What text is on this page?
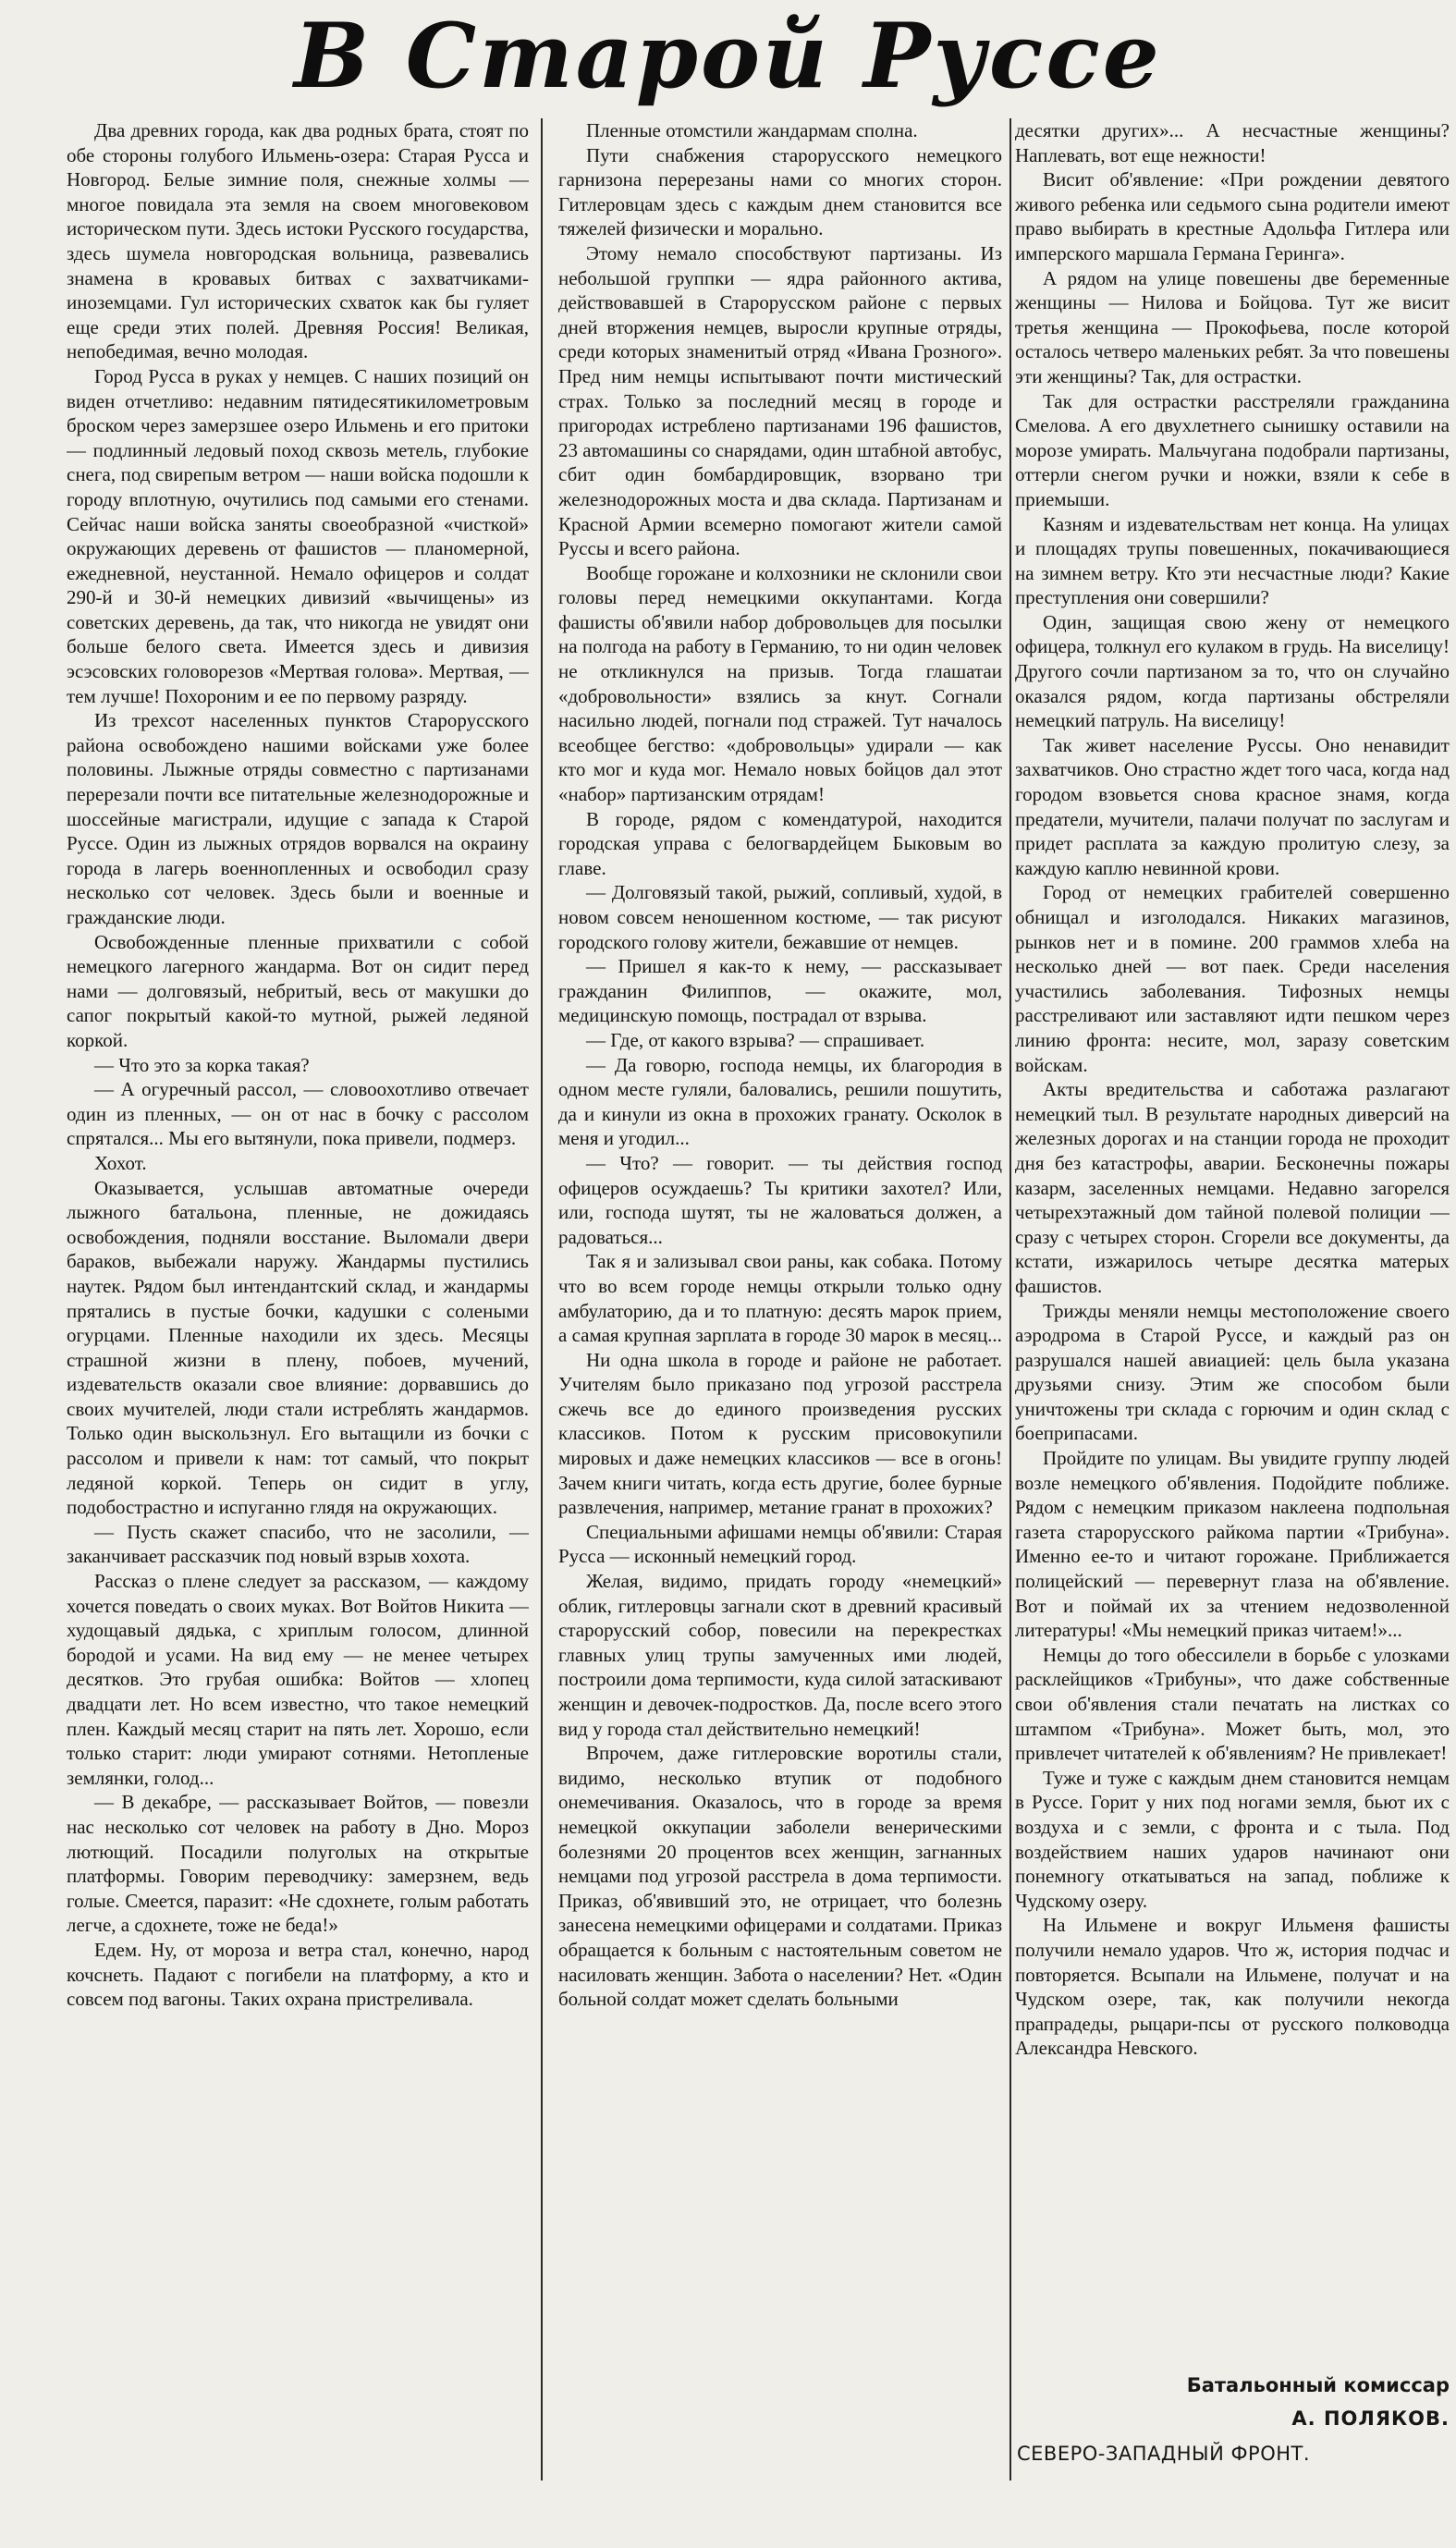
В Старой Руссе

Два древних города, как два родных брата, стоят по обе стороны голубого Ильмень-озера: Старая Русса и Новгород. Белые зимние поля, снежные холмы — многое повидала эта земля на своем многовековом историческом пути. Здесь истоки Русского государства, здесь шумела новгородская вольница, развевались знамена в кровавых битвах с захватчиками-иноземцами. Гул исторических схваток как бы гуляет еще среди этих полей. Древняя Россия! Великая, непобедимая, вечно молодая.

Город Русса в руках у немцев. С наших позиций он виден отчетливо: недавним пятидесятикилометровым броском через замерзшее озеро Ильмень и его притоки — подлинный ледовый поход сквозь метель, глубокие снега, под свирепым ветром — наши войска подошли к городу вплотную, очутились под самыми его стенами. Сейчас наши войска заняты своеобразной «чисткой» окружающих деревень от фашистов — планомерной, ежедневной, неустанной. Немало офицеров и солдат 290-й и 30-й немецких дивизий «вычищены» из советских деревень, да так, что никогда не увидят они больше белого света. Имеется здесь и дивизия эсэсовских головорезов «Мертвая голова». Мертвая, — тем лучше! Похороним и ее по первому разряду.

Из трехсот населенных пунктов Старорусского района освобождено нашими войсками уже более половины. Лыжные отряды совместно с партизанами перерезали почти все питательные железнодорожные и шоссейные магистрали, идущие с запада к Старой Руссе. Один из лыжных отрядов ворвался на окраину города в лагерь военнопленных и освободил сразу несколько сот человек. Здесь были и военные и гражданские люди.

Освобожденные пленные прихватили с собой немецкого лагерного жандарма. Вот он сидит перед нами — долговязый, небритый, весь от макушки до сапог покрытый какой-то мутной, рыжей ледяной коркой.

— Что это за корка такая?

— А огуречный рассол, — словоохотливо отвечает один из пленных, — он от нас в бочку с рассолом спрятался... Мы его вытянули, пока привели, подмерз.

Хохот.

Оказывается, услышав автоматные очереди лыжного батальона, пленные, не дожидаясь освобождения, подняли восстание. Выломали двери бараков, выбежали наружу. Жандармы пустились наутек. Рядом был интендантский склад, и жандармы прятались в пустые бочки, кадушки с солеными огурцами. Пленные находили их здесь. Месяцы страшной жизни в плену, побоев, мучений, издевательств оказали свое влияние: дорвавшись до своих мучителей, люди стали истреблять жандармов. Только один выскользнул. Его вытащили из бочки с рассолом и привели к нам: тот самый, что покрыт ледяной коркой. Теперь он сидит в углу, подобострастно и испуганно глядя на окружающих.

— Пусть скажет спасибо, что не засолили, — заканчивает рассказчик под новый взрыв хохота.

Рассказ о плене следует за рассказом, — каждому хочется поведать о своих муках. Вот Войтов Никита — худощавый дядька, с хриплым голосом, длинной бородой и усами. На вид ему — не менее четырех десятков. Это грубая ошибка: Войтов — хлопец двадцати лет. Но всем известно, что такое немецкий плен. Каждый месяц старит на пять лет. Хорошо, если только старит: люди умирают сотнями. Нетопленые землянки, голод...

— В декабре, — рассказывает Войтов, — повезли нас несколько сот человек на работу в Дно. Мороз лютющий. Посадили полуголых на открытые платформы. Говорим переводчику: замерзнем, ведь голые. Смеется, паразит: «Не сдохнете, голым работать легче, а сдохнете, тоже не беда!»

Едем. Ну, от мороза и ветра стал, конечно, народ кочснеть. Падают с погибели на платформу, а кто и совсем под вагоны. Таких охрана пристреливала.

Пленные отомстили жандармам сполна.

Пути снабжения старорусского немецкого гарнизона перерезаны нами со многих сторон. Гитлеровцам здесь с каждым днем становится все тяжелей физически и морально.

Этому немало способствуют партизаны. Из небольшой группки — ядра районного актива, действовавшей в Старорусском районе с первых дней вторжения немцев, выросли крупные отряды, среди которых знаменитый отряд «Ивана Грозного». Пред ним немцы испытывают почти мистический страх. Только за последний месяц в городе и пригородах истреблено партизанами 196 фашистов, 23 автомашины со снарядами, один штабной автобус, сбит один бомбардировщик, взорвано три железнодорожных моста и два склада. Партизанам и Красной Армии всемерно помогают жители самой Руссы и всего района.

Вообще горожане и колхозники не склонили свои головы перед немецкими оккупантами. Когда фашисты об'явили набор добровольцев для посылки на полгода на работу в Германию, то ни один человек не откликнулся на призыв. Тогда глашатаи «добровольности» взялись за кнут. Согнали насильно людей, погнали под стражей. Тут началось всеобщее бегство: «добровольцы» удирали — как кто мог и куда мог. Немало новых бойцов дал этот «набор» партизанским отрядам!

В городе, рядом с комендатурой, находится городская управа с белогвардейцем Быковым во главе.

— Долговязый такой, рыжий, сопливый, худой, в новом совсем неношенном костюме, — так рисуют городского голову жители, бежавшие от немцев.

— Пришел я как-то к нему, — рассказывает гражданин Филиппов, — окажите, мол, медицинскую помощь, пострадал от взрыва.

— Где, от какого взрыва? — спрашивает.

— Да говорю, господа немцы, их благородия в одном месте гуляли, баловались, решили пошутить, да и кинули из окна в прохожих гранату. Осколок в меня и угодил...

— Что? — говорит. — ты действия господ офицеров осуждаешь? Ты критики захотел? Или, или, господа шутят, ты не жаловаться должен, а радоваться...

Так я и зализывал свои раны, как собака. Потому что во всем городе немцы открыли только одну амбулаторию, да и то платную: десять марок прием, а самая крупная зарплата в городе 30 марок в месяц...

Ни одна школа в городе и районе не работает. Учителям было приказано под угрозой расстрела сжечь все до единого произведения русских классиков. Потом к русским присовокупили мировых и даже немецких классиков — все в огонь! Зачем книги читать, когда есть другие, более бурные развлечения, например, метание гранат в прохожих?

Специальными афишами немцы об'явили: Старая Русса — исконный немецкий город.

Желая, видимо, придать городу «немецкий» облик, гитлеровцы загнали скот в древний красивый старорусский собор, повесили на перекрестках главных улиц трупы замученных ими людей, построили дома терпимости, куда силой затаскивают женщин и девочек-подростков. Да, после всего этого вид у города стал действительно немецкий!

Впрочем, даже гитлеровские воротилы стали, видимо, несколько втупик от подобного онемечивания. Оказалось, что в городе за время немецкой оккупации заболели венерическими болезнями 20 процентов всех женщин, загнанных немцами под угрозой расстрела в дома терпимости. Приказ, об'явивший это, не отрицает, что болезнь занесена немецкими офицерами и солдатами. Приказ обращается к больным с настоятельным советом не насиловать женщин. Забота о населении? Нет. «Один больной солдат может сделать больными

десятки других»... А несчастные женщины? Наплевать, вот еще нежности!

Висит об'явление: «При рождении девятого живого ребенка или седьмого сына родители имеют право выбирать в крестные Адольфа Гитлера или имперского маршала Германа Геринга».

А рядом на улице повешены две беременные женщины — Нилова и Бойцова. Тут же висит третья женщина — Прокофьева, после которой осталось четверо маленьких ребят. За что повешены эти женщины? Так, для острастки.

Так для острастки расстреляли гражданина Смелова. А его двухлетнего сынишку оставили на морозе умирать. Мальчугана подобрали партизаны, оттерли снегом ручки и ножки, взяли к себе в приемыши.

Казням и издевательствам нет конца. На улицах и площадях трупы повешенных, покачивающиеся на зимнем ветру. Кто эти несчастные люди? Какие преступления они совершили?

Один, защищая свою жену от немецкого офицера, толкнул его кулаком в грудь. На виселицу! Другого сочли партизаном за то, что он случайно оказался рядом, когда партизаны обстреляли немецкий патруль. На виселицу!

Так живет население Руссы. Оно ненавидит захватчиков. Оно страстно ждет того часа, когда над городом взовьется снова красное знамя, когда предатели, мучители, палачи получат по заслугам и придет расплата за каждую пролитую слезу, за каждую каплю невинной крови.

Город от немецких грабителей совершенно обнищал и изголодался. Никаких магазинов, рынков нет и в помине. 200 граммов хлеба на несколько дней — вот паек. Среди населения участились заболевания. Тифозных немцы расстреливают или заставляют идти пешком через линию фронта: несите, мол, заразу советским войскам.

Акты вредительства и саботажа разлагают немецкий тыл. В результате народных диверсий на железных дорогах и на станции города не проходит дня без катастрофы, аварии. Бесконечны пожары казарм, заселенных немцами. Недавно загорелся четырехэтажный дом тайной полевой полиции — сразу с четырех сторон. Сгорели все документы, да кстати, изжарилось четыре десятка матерых фашистов.

Трижды меняли немцы местоположение своего аэродрома в Старой Руссе, и каждый раз он разрушался нашей авиацией: цель была указана друзьями снизу. Этим же способом были уничтожены три склада с горючим и один склад с боеприпасами.

Пройдите по улицам. Вы увидите группу людей возле немецкого об'явления. Подойдите поближе. Рядом с немецким приказом наклеена подпольная газета старорусского райкома партии «Трибуна». Именно ее-то и читают горожане. Приближается полицейский — перевеpнут глаза на об'явление. Вот и поймай их за чтением недозволенной литературы! «Мы немецкий приказ читаем!»...

Немцы до того обессилели в борьбе с улозками расклейщиков «Трибуны», что даже собственные свои об'явления стали печатать на листках со штампом «Трибуна». Может быть, мол, это привлечет читателей к об'явлениям? Не привлекает!

Туже и туже с каждым днем становится немцам в Руссе. Горит у них под ногами земля, бьют их с воздуха и с земли, с фронта и с тыла. Под воздействием наших ударов начинают они понемногу откатываться на запад, поближе к Чудскому озеру.

На Ильмене и вокруг Ильменя фашисты получили немало ударов. Что ж, история подчас и повторяется. Всыпали на Ильмене, получат и на Чудском озере, так, как получили некогда прапрадеды, рыцари-псы от русского полководца Александра Невского.

Батальонный комиссар
А. ПОЛЯКОВ.
СЕВЕРО-ЗАПАДНЫЙ ФРОНТ.
